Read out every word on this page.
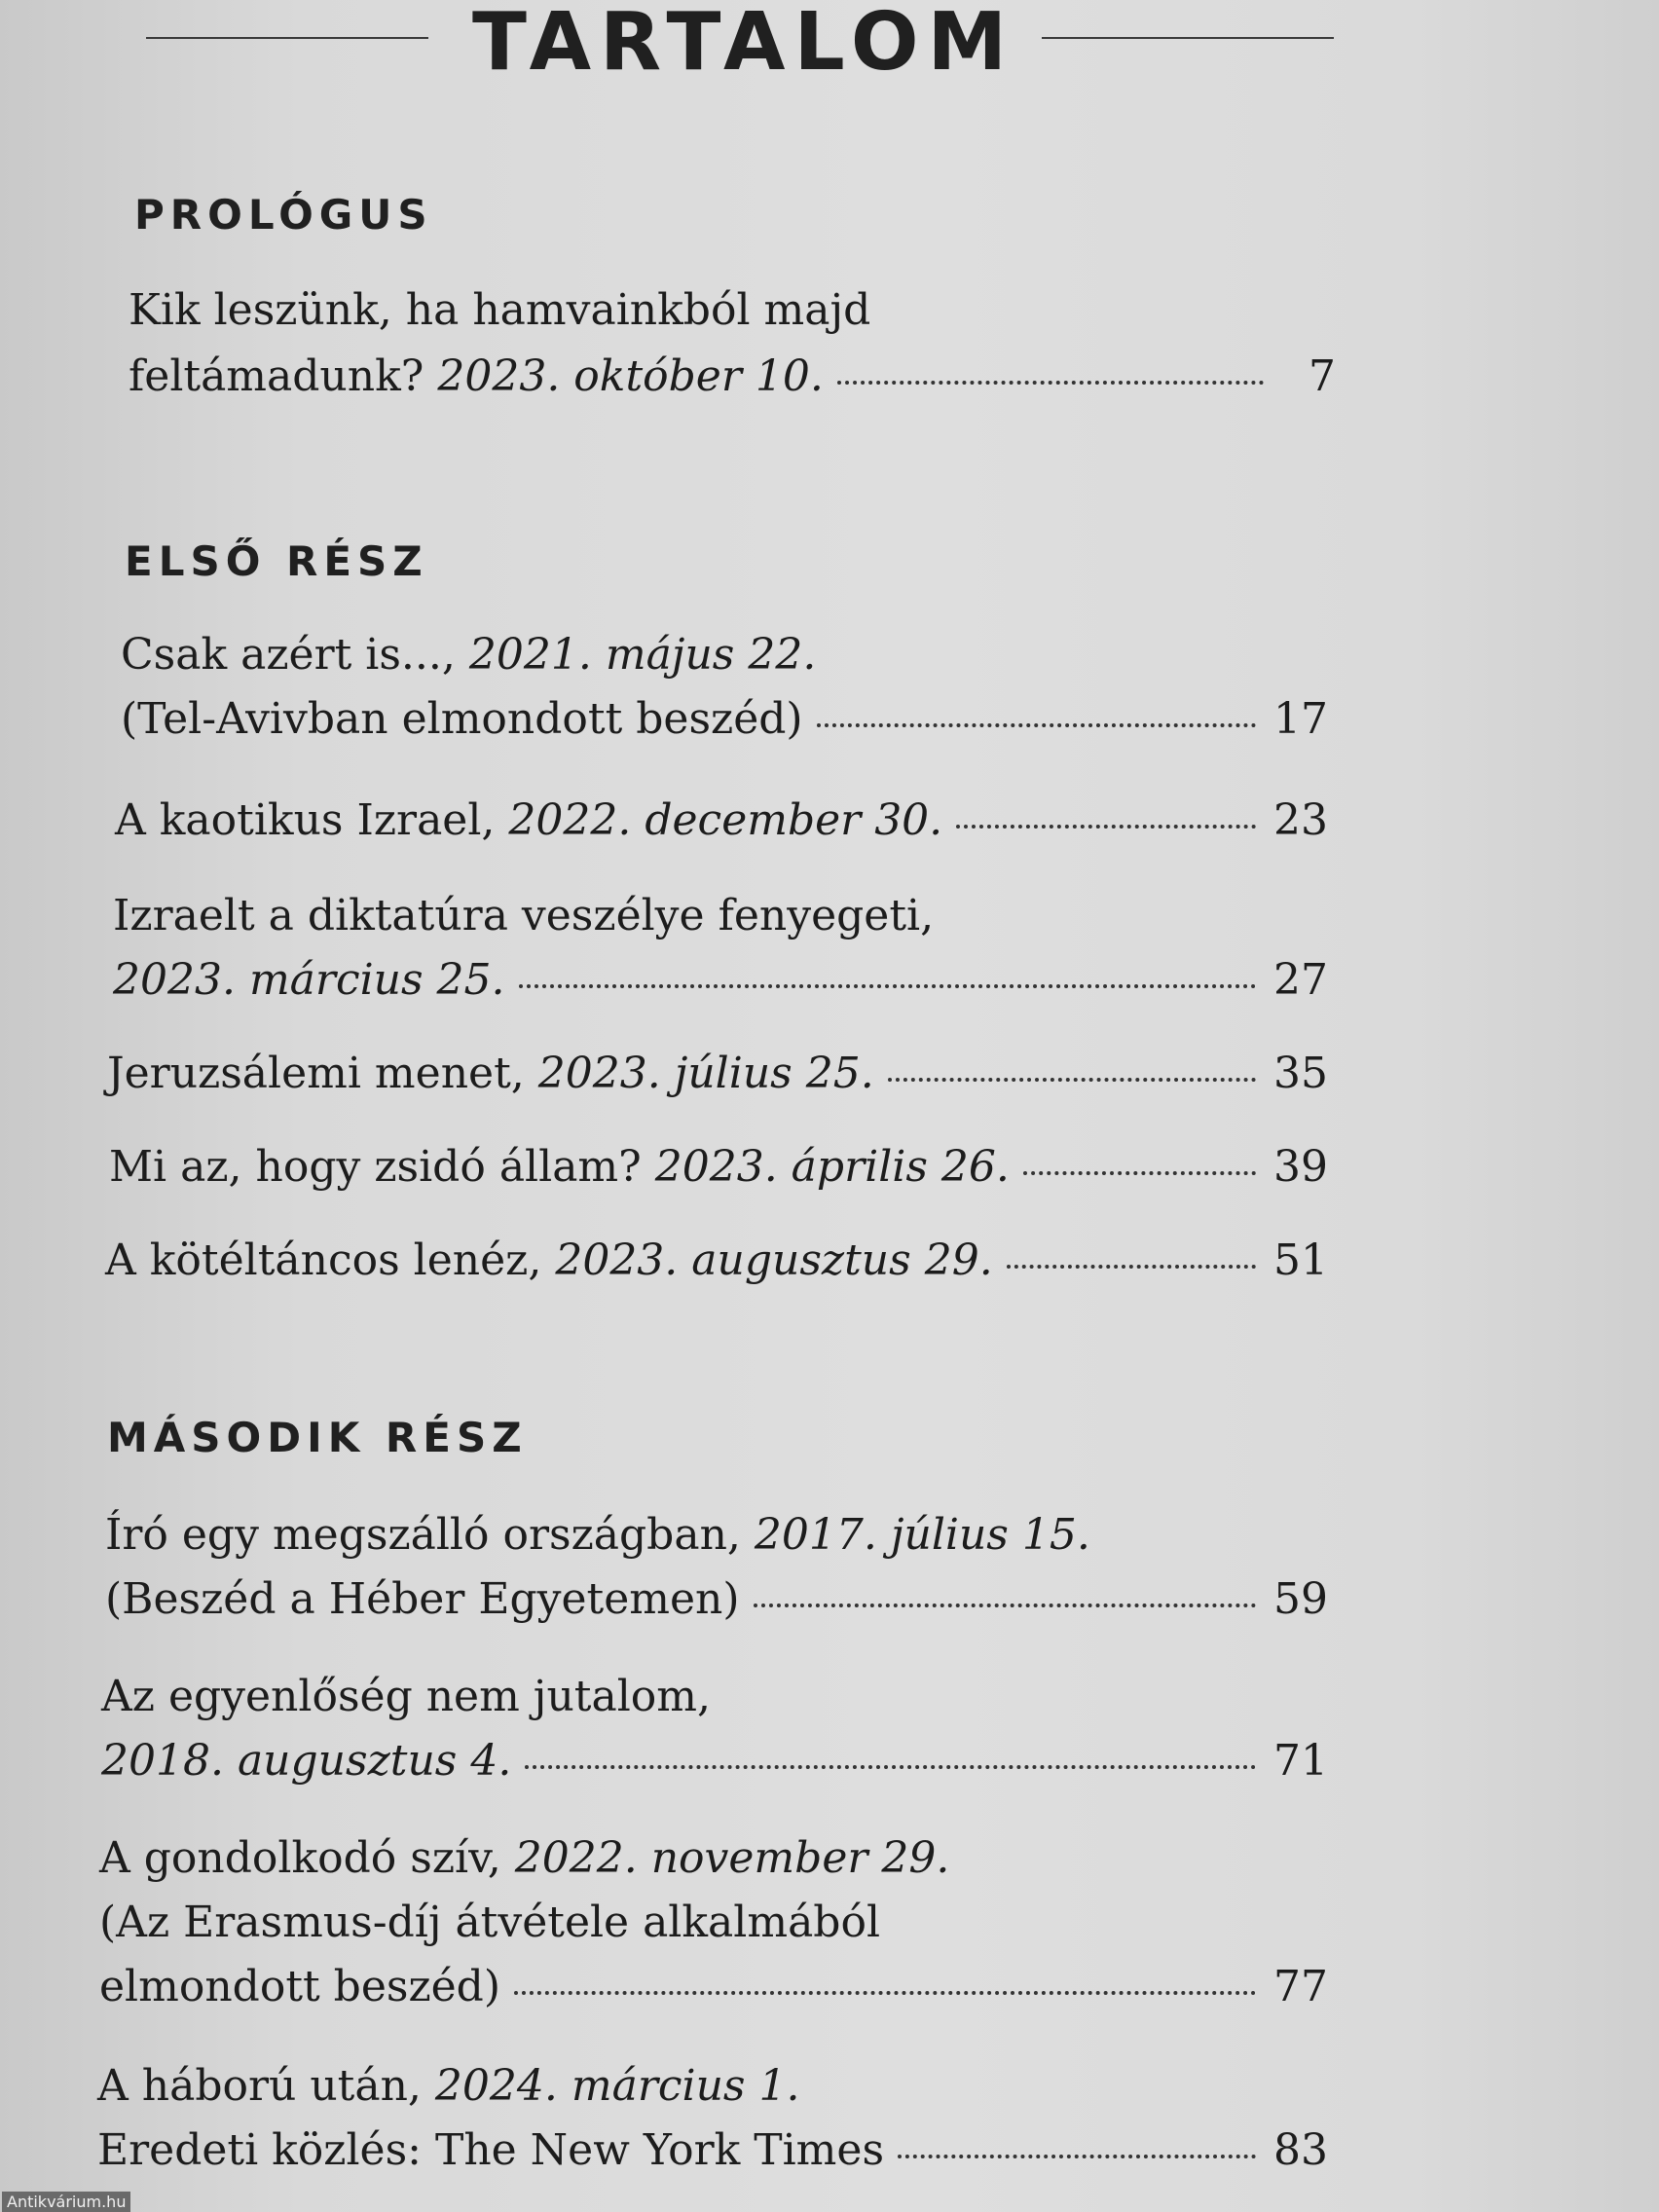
TARTALOM
PROLÓGUS
Kik leszünk, ha hamvainkból majd
feltámadunk? 2023. október 10.	7
ELSŐ RÉSZ
Csak azért is..., 2021. május 22.
(Tel-Avivban elmondott beszéd)	17
A kaotikus Izrael, 2022. december 30.	23
Izraelt a diktatúra veszélye fenyegeti,
2023. március 25.	27
Jeruzsálemi menet, 2023. július 25.	35
Mi az, hogy zsidó állam? 2023. április 26.	39
A kötéltáncos lenéz, 2023. augusztus 29.	51
MÁSODIK RÉSZ
Író egy megszálló országban, 2017. július 15.
(Beszéd a Héber Egyetemen)	59
Az egyenlőség nem jutalom,
2018. augusztus 4.	71
A gondolkodó szív, 2022. november 29.
(Az Erasmus-díj átvétele alkalmából
elmondott beszéd)	77
A háború után, 2024. március 1.
Eredeti közlés: The New York Times	83
Antikvárium.hu
